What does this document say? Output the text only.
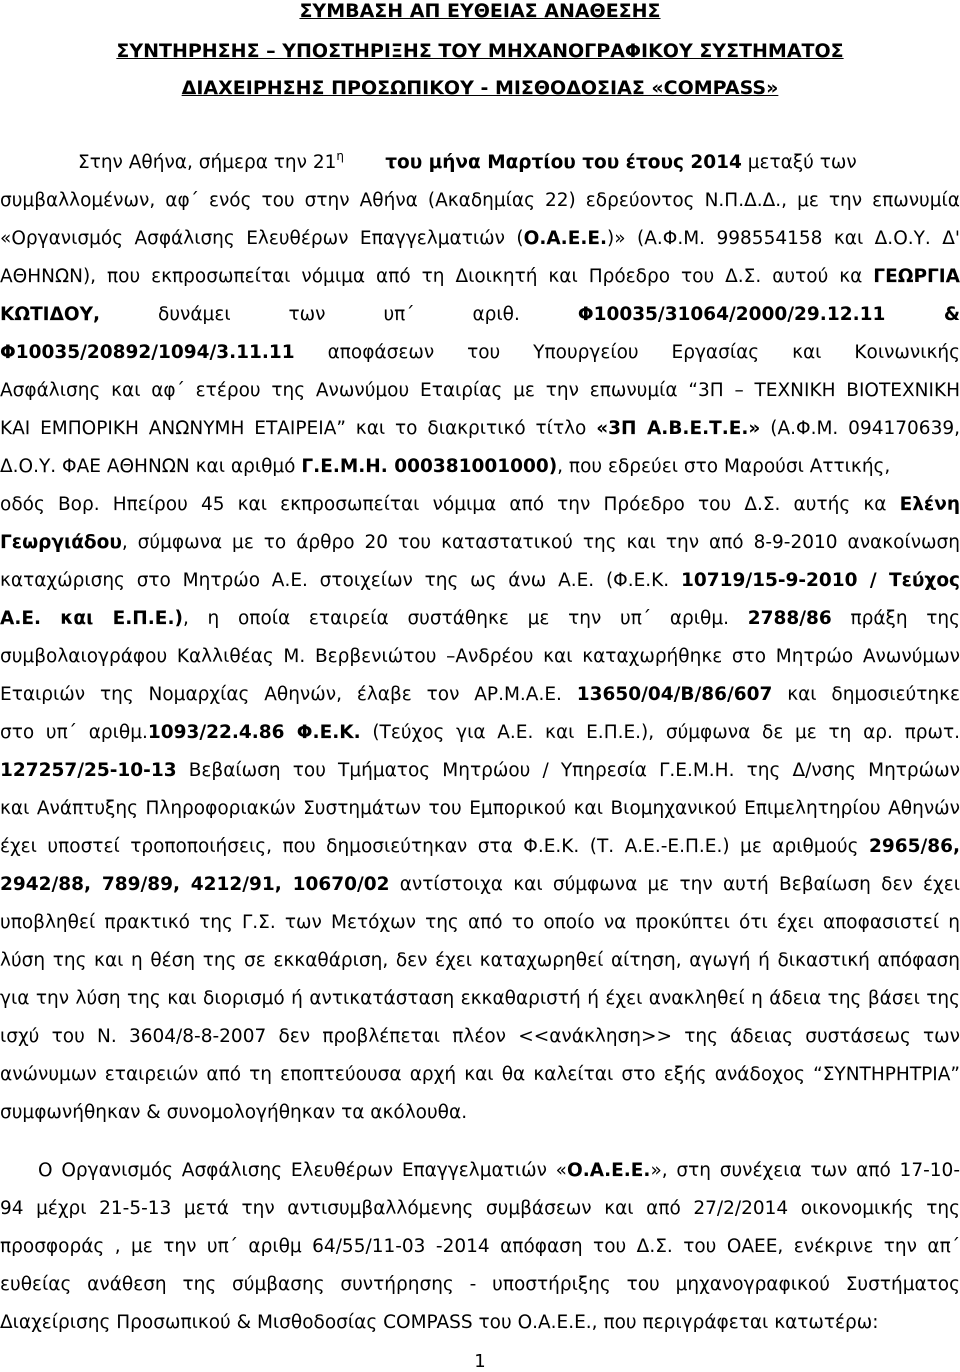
ΣΥΜΒΑΣΗ ΑΠ ΕΥΘΕΙΑΣ ΑΝΑΘΕΣΗΣ
ΣΥΝΤΗΡΗΣΗΣ – ΥΠΟΣΤΗΡΙΞΗΣ ΤΟΥ ΜΗΧΑΝΟΓΡΑΦΙΚΟΥ ΣΥΣΤΗΜΑΤΟΣ
ΔΙΑΧΕΙΡΗΣΗΣ ΠΡΟΣΩΠΙΚΟΥ - ΜΙΣΘΟΔΟΣΙΑΣ «COMPASS»
Στην Αθήνα, σήμερα την $21^\eta$ του μήνα Μαρτίου του έτους 2014 μεταξύ των
συμβαλλομένων, αφ΄ ενός του στην Αθήνα (Ακαδημίας 22) εδρεύοντος Ν.Π.Δ.Δ., με την επωνυμία
«Οργανισμός Ασφάλισης Ελευθέρων Επαγγελματιών (Ο.Α.Ε.Ε.)» (Α.Φ.Μ. 998554158 και Δ.Ο.Υ. Δ'
ΑΘΗΝΩΝ), που εκπροσωπείται νόμιμα από τη Διοικητή και Πρόεδρο του Δ.Σ. αυτού κα ΓΕΩΡΓΙΑ
ΚΩΤΙΔΟΥ, δυνάμει των υπ΄ αριθ. Φ10035/31064/2000/29.12.11 &
Φ10035/20892/1094/3.11.11 αποφάσεων του Υπουργείου Εργασίας και Κοινωνικής
Ασφάλισης και αφ΄ ετέρου της Ανωνύμου Εταιρίας με την επωνυμία “3Π – ΤΕΧΝΙΚΗ ΒΙΟΤΕΧΝΙΚΗ
ΚΑΙ ΕΜΠΟΡΙΚΗ ΑΝΩΝΥΜΗ ΕΤΑΙΡΕΙΑ” και το διακριτικό τίτλο «3Π Α.Β.Ε.Τ.Ε.» (Α.Φ.Μ. 094170639,
Δ.Ο.Υ. ΦΑΕ ΑΘΗΝΩΝ και αριθμό Γ.Ε.Μ.Η. 000381001000), που εδρεύει στο Μαρούσι Αττικής,
οδός Βορ. Ηπείρου 45 και εκπροσωπείται νόμιμα από την Πρόεδρο του Δ.Σ. αυτής κα Ελένη
Γεωργιάδου, σύμφωνα με το άρθρο 20 του καταστατικού της και την από 8-9-2010 ανακοίνωση
καταχώρισης στο Μητρώο Α.Ε. στοιχείων της ως άνω Α.Ε. (Φ.Ε.Κ. 10719/15-9-2010 / Τεύχος
Α.Ε. και Ε.Π.Ε.), η οποία εταιρεία συστάθηκε με την υπ΄ αριθμ. 2788/86 πράξη της
συμβολαιογράφου Καλλιθέας Μ. Βερβενιώτου –Ανδρέου και καταχωρήθηκε στο Μητρώο Ανωνύμων
Εταιριών της Νομαρχίας Αθηνών, έλαβε τον ΑΡ.Μ.Α.Ε. 13650/04/Β/86/607 και δημοσιεύτηκε
στο υπ΄ αριθμ.1093/22.4.86 Φ.Ε.Κ. (Τεύχος για Α.Ε. και Ε.Π.Ε.), σύμφωνα δε με τη αρ. πρωτ.
127257/25-10-13 Βεβαίωση του Τμήματος Μητρώου / Υπηρεσία Γ.Ε.Μ.Η. της Δ/νσης Μητρώων
και Ανάπτυξης Πληροφοριακών Συστημάτων του Εμπορικού και Βιομηχανικού Επιμελητηρίου Αθηνών
έχει υποστεί τροποποιήσεις, που δημοσιεύτηκαν στα Φ.Ε.Κ. (Τ. Α.Ε.-Ε.Π.Ε.) με αριθμούς 2965/86,
2942/88, 789/89, 4212/91, 10670/02 αντίστοιχα και σύμφωνα με την αυτή Βεβαίωση δεν έχει
υποβληθεί πρακτικό της Γ.Σ. των Μετόχων της από το οποίο να προκύπτει ότι έχει αποφασιστεί η
λύση της και η θέση της σε εκκαθάριση, δεν έχει καταχωρηθεί αίτηση, αγωγή ή δικαστική απόφαση
για την λύση της και διορισμό ή αντικατάσταση εκκαθαριστή ή έχει ανακληθεί η άδεια της βάσει της
ισχύ του Ν. 3604/8-8-2007 δεν προβλέπεται πλέον <<ανάκληση>> της άδειας συστάσεως των
ανώνυμων εταιρειών από τη εποπτεύουσα αρχή και θα καλείται στο εξής ανάδοχος “ΣΥΝΤΗΡΗΤΡΙΑ”
συμφωνήθηκαν & συνομολογήθηκαν τα ακόλουθα.
Ο Οργανισμός Ασφάλισης Ελευθέρων Επαγγελματιών «Ο.Α.Ε.Ε.», στη συνέχεια των από 17-10-
94 μέχρι 21-5-13 μετά την αντισυμβαλλόμενης συμβάσεων και από 27/2/2014 οικονομικής της
προσφοράς , με την υπ΄ αριθμ 64/55/11-03 -2014 απόφαση του Δ.Σ. του ΟΑΕΕ, ενέκρινε την απ΄
ευθείας ανάθεση της σύμβασης συντήρησης - υποστήριξης του μηχανογραφικού Συστήματος
Διαχείρισης Προσωπικού & Μισθοδοσίας COMPASS του Ο.Α.Ε.Ε., που περιγράφεται κατωτέρω:
1
